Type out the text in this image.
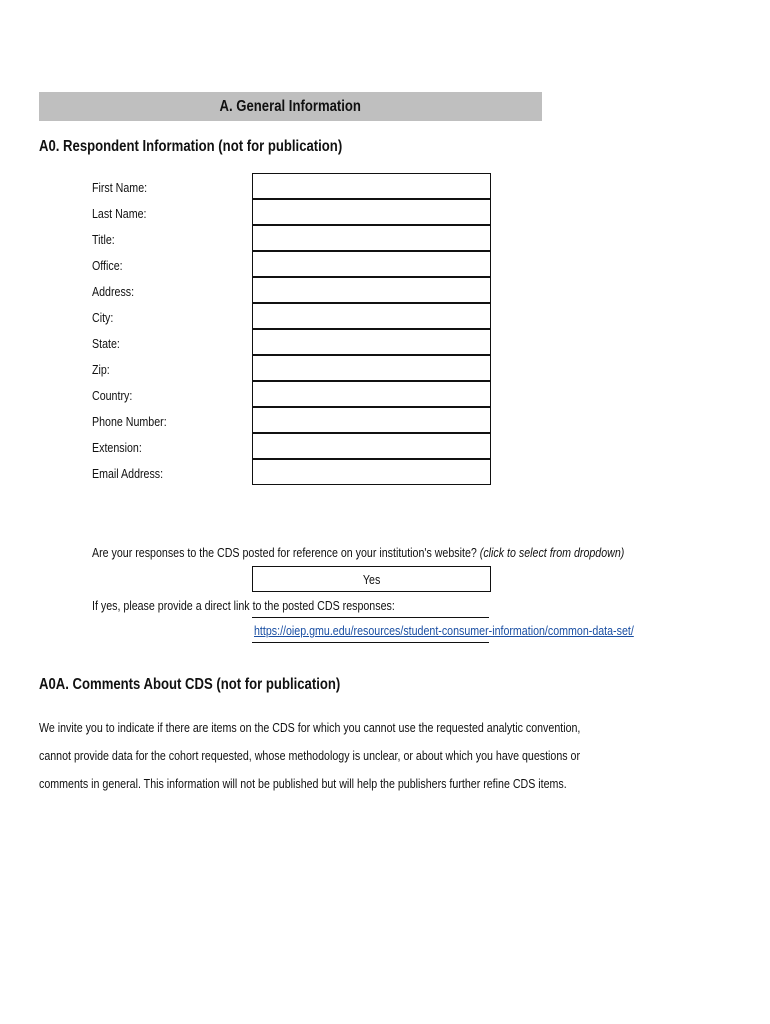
A. General Information
A0. Respondent Information (not for publication)
First Name:
Last Name:
Title:
Office:
Address:
City:
State:
Zip:
Country:
Phone Number:
Extension:
Email Address:
Are your responses to the CDS posted for reference on your institution's website? (click to select from dropdown)
Yes
If yes, please provide a direct link to the posted CDS responses:
https://oiep.gmu.edu/resources/student-consumer-information/common-data-set/
A0A. Comments About CDS (not for publication)
We invite you to indicate if there are items on the CDS for which you cannot use the requested analytic convention,
cannot provide data for the cohort requested, whose methodology is unclear, or about which you have questions or
comments in general. This information will not be published but will help the publishers further refine CDS items.
